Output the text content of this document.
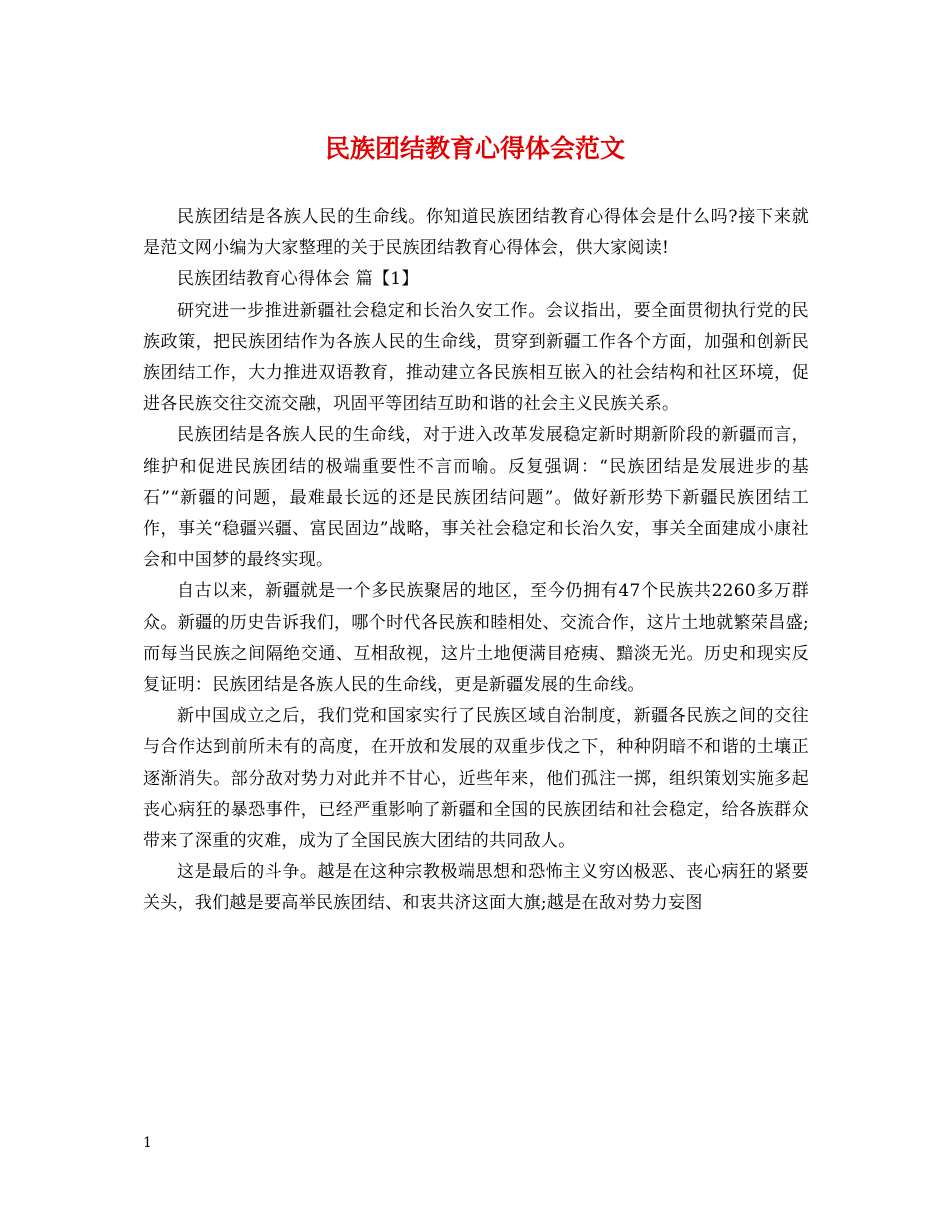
民族团结教育心得体会范文

民族团结是各族人民的生命线。你知道民族团结教育心得体会是什么吗?接下来就是范文网小编为大家整理的关于民族团结教育心得体会，供大家阅读!

民族团结教育心得体会 篇【1】

研究进一步推进新疆社会稳定和长治久安工作。会议指出，要全面贯彻执行党的民族政策，把民族团结作为各族人民的生命线，贯穿到新疆工作各个方面，加强和创新民族团结工作，大力推进双语教育，推动建立各民族相互嵌入的社会结构和社区环境，促进各民族交往交流交融，巩固平等团结互助和谐的社会主义民族关系。

民族团结是各族人民的生命线，对于进入改革发展稳定新时期新阶段的新疆而言，维护和促进民族团结的极端重要性不言而喻。反复强调：“民族团结是发展进步的基石”“新疆的问题，最难最长远的还是民族团结问题”。做好新形势下新疆民族团结工作，事关“稳疆兴疆、富民固边”战略，事关社会稳定和长治久安，事关全面建成小康社会和中国梦的最终实现。

自古以来，新疆就是一个多民族聚居的地区，至今仍拥有47个民族共2260多万群众。新疆的历史告诉我们，哪个时代各民族和睦相处、交流合作，这片土地就繁荣昌盛;而每当民族之间隔绝交通、互相敌视，这片土地便满目疮痍、黯淡无光。历史和现实反复证明：民族团结是各族人民的生命线，更是新疆发展的生命线。

新中国成立之后，我们党和国家实行了民族区域自治制度，新疆各民族之间的交往与合作达到前所未有的高度，在开放和发展的双重步伐之下，种种阴暗不和谐的土壤正逐渐消失。部分敌对势力对此并不甘心，近些年来，他们孤注一掷，组织策划实施多起丧心病狂的暴恐事件，已经严重影响了新疆和全国的民族团结和社会稳定，给各族群众带来了深重的灾难，成为了全国民族大团结的共同敌人。

这是最后的斗争。越是在这种宗教极端思想和恐怖主义穷凶极恶、丧心病狂的紧要关头，我们越是要高举民族团结、和衷共济这面大旗;越是在敌对势力妄图

1
